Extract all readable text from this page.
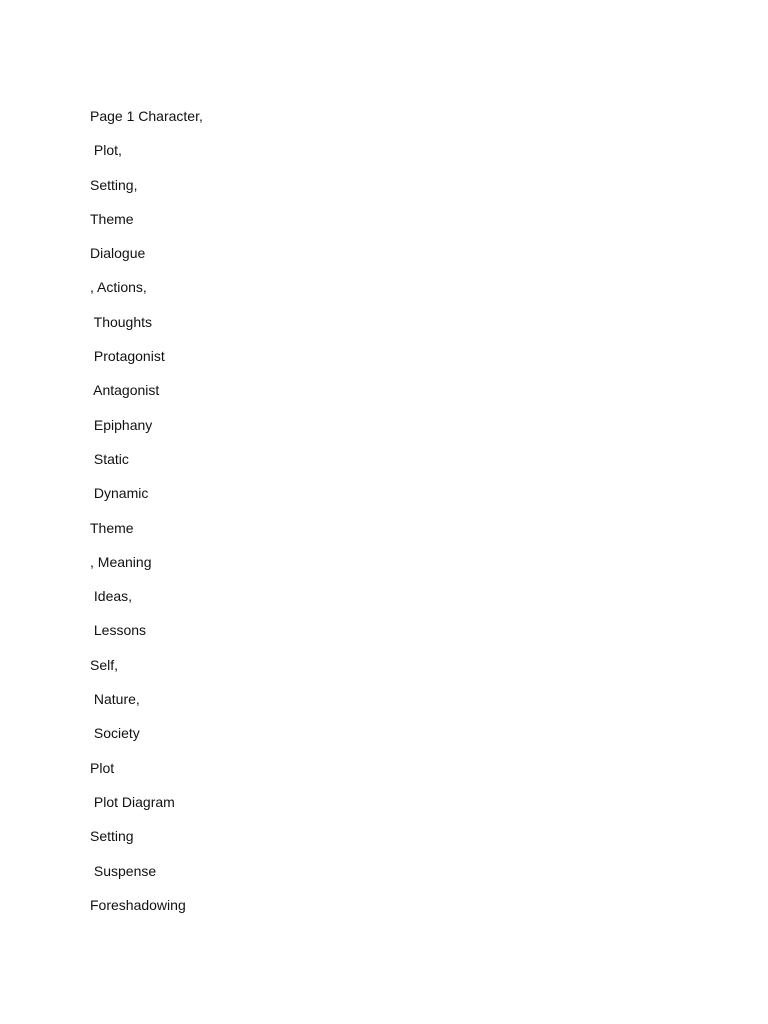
Page 1 Character,
Plot,
Setting,
Theme
Dialogue
, Actions,
Thoughts
Protagonist
Antagonist
Epiphany
Static
Dynamic
Theme
, Meaning
Ideas,
Lessons
Self,
Nature,
Society
Plot
Plot Diagram
Setting
Suspense
Foreshadowing
